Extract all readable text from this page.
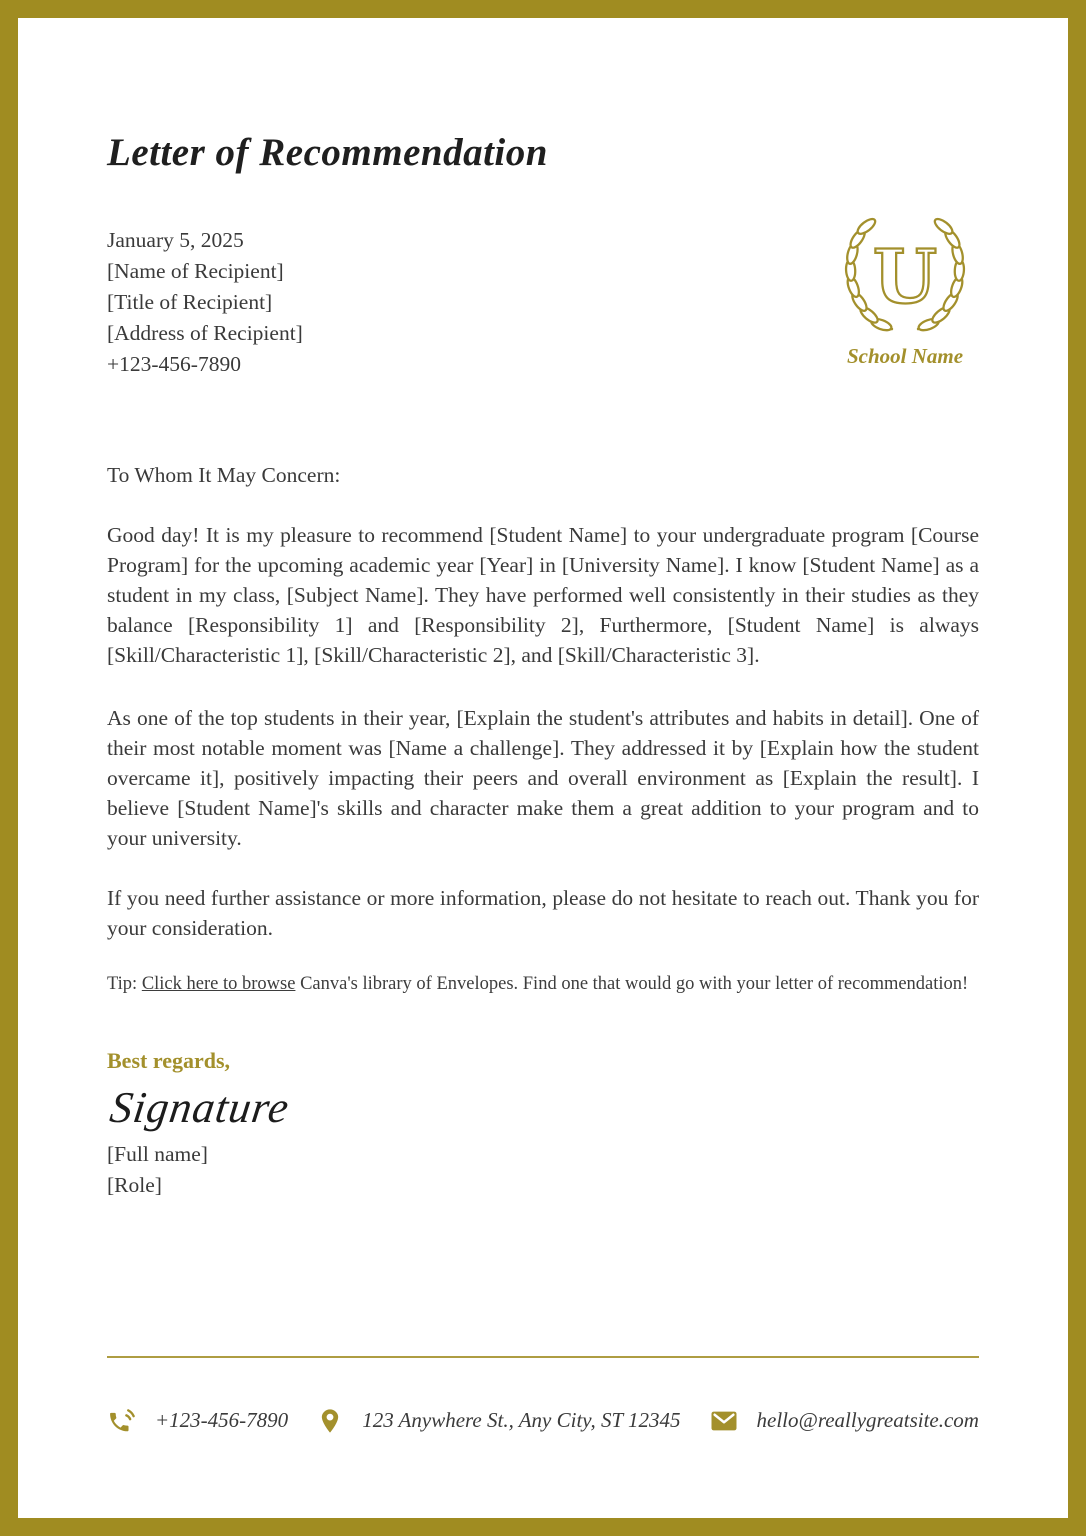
Letter of Recommendation
U
School Name
January 5, 2025
[Name of Recipient]
[Title of Recipient]
[Address of Recipient]
+123-456-7890

To Whom It May Concern:

Good day! It is my pleasure to recommend [Student Name] to your undergraduate program [Course Program] for the upcoming academic year [Year] in [University Name]. I know [Student Name] as a student in my class, [Subject Name]. They have performed well consistently in their studies as they balance [Responsibility 1] and [Responsibility 2], Furthermore, [Student Name] is always [Skill/Characteristic 1], [Skill/Characteristic 2], and [Skill/Characteristic 3].

As one of the top students in their year, [Explain the student's attributes and habits in detail]. One of their most notable moment was [Name a challenge]. They addressed it by [Explain how the student overcame it], positively impacting their peers and overall environment as [Explain the result]. I believe [Student Name]'s skills and character make them a great addition to your program and to your university.

If you need further assistance or more information, please do not hesitate to reach out. Thank you for your consideration.

Tip: Click here to browse Canva's library of Envelopes. Find one that would go with your letter of recommendation!

Best regards,
Signature
[Full name]
[Role]
+123-456-7890	123 Anywhere St., Any City, ST 12345	hello@reallygreatsite.com
